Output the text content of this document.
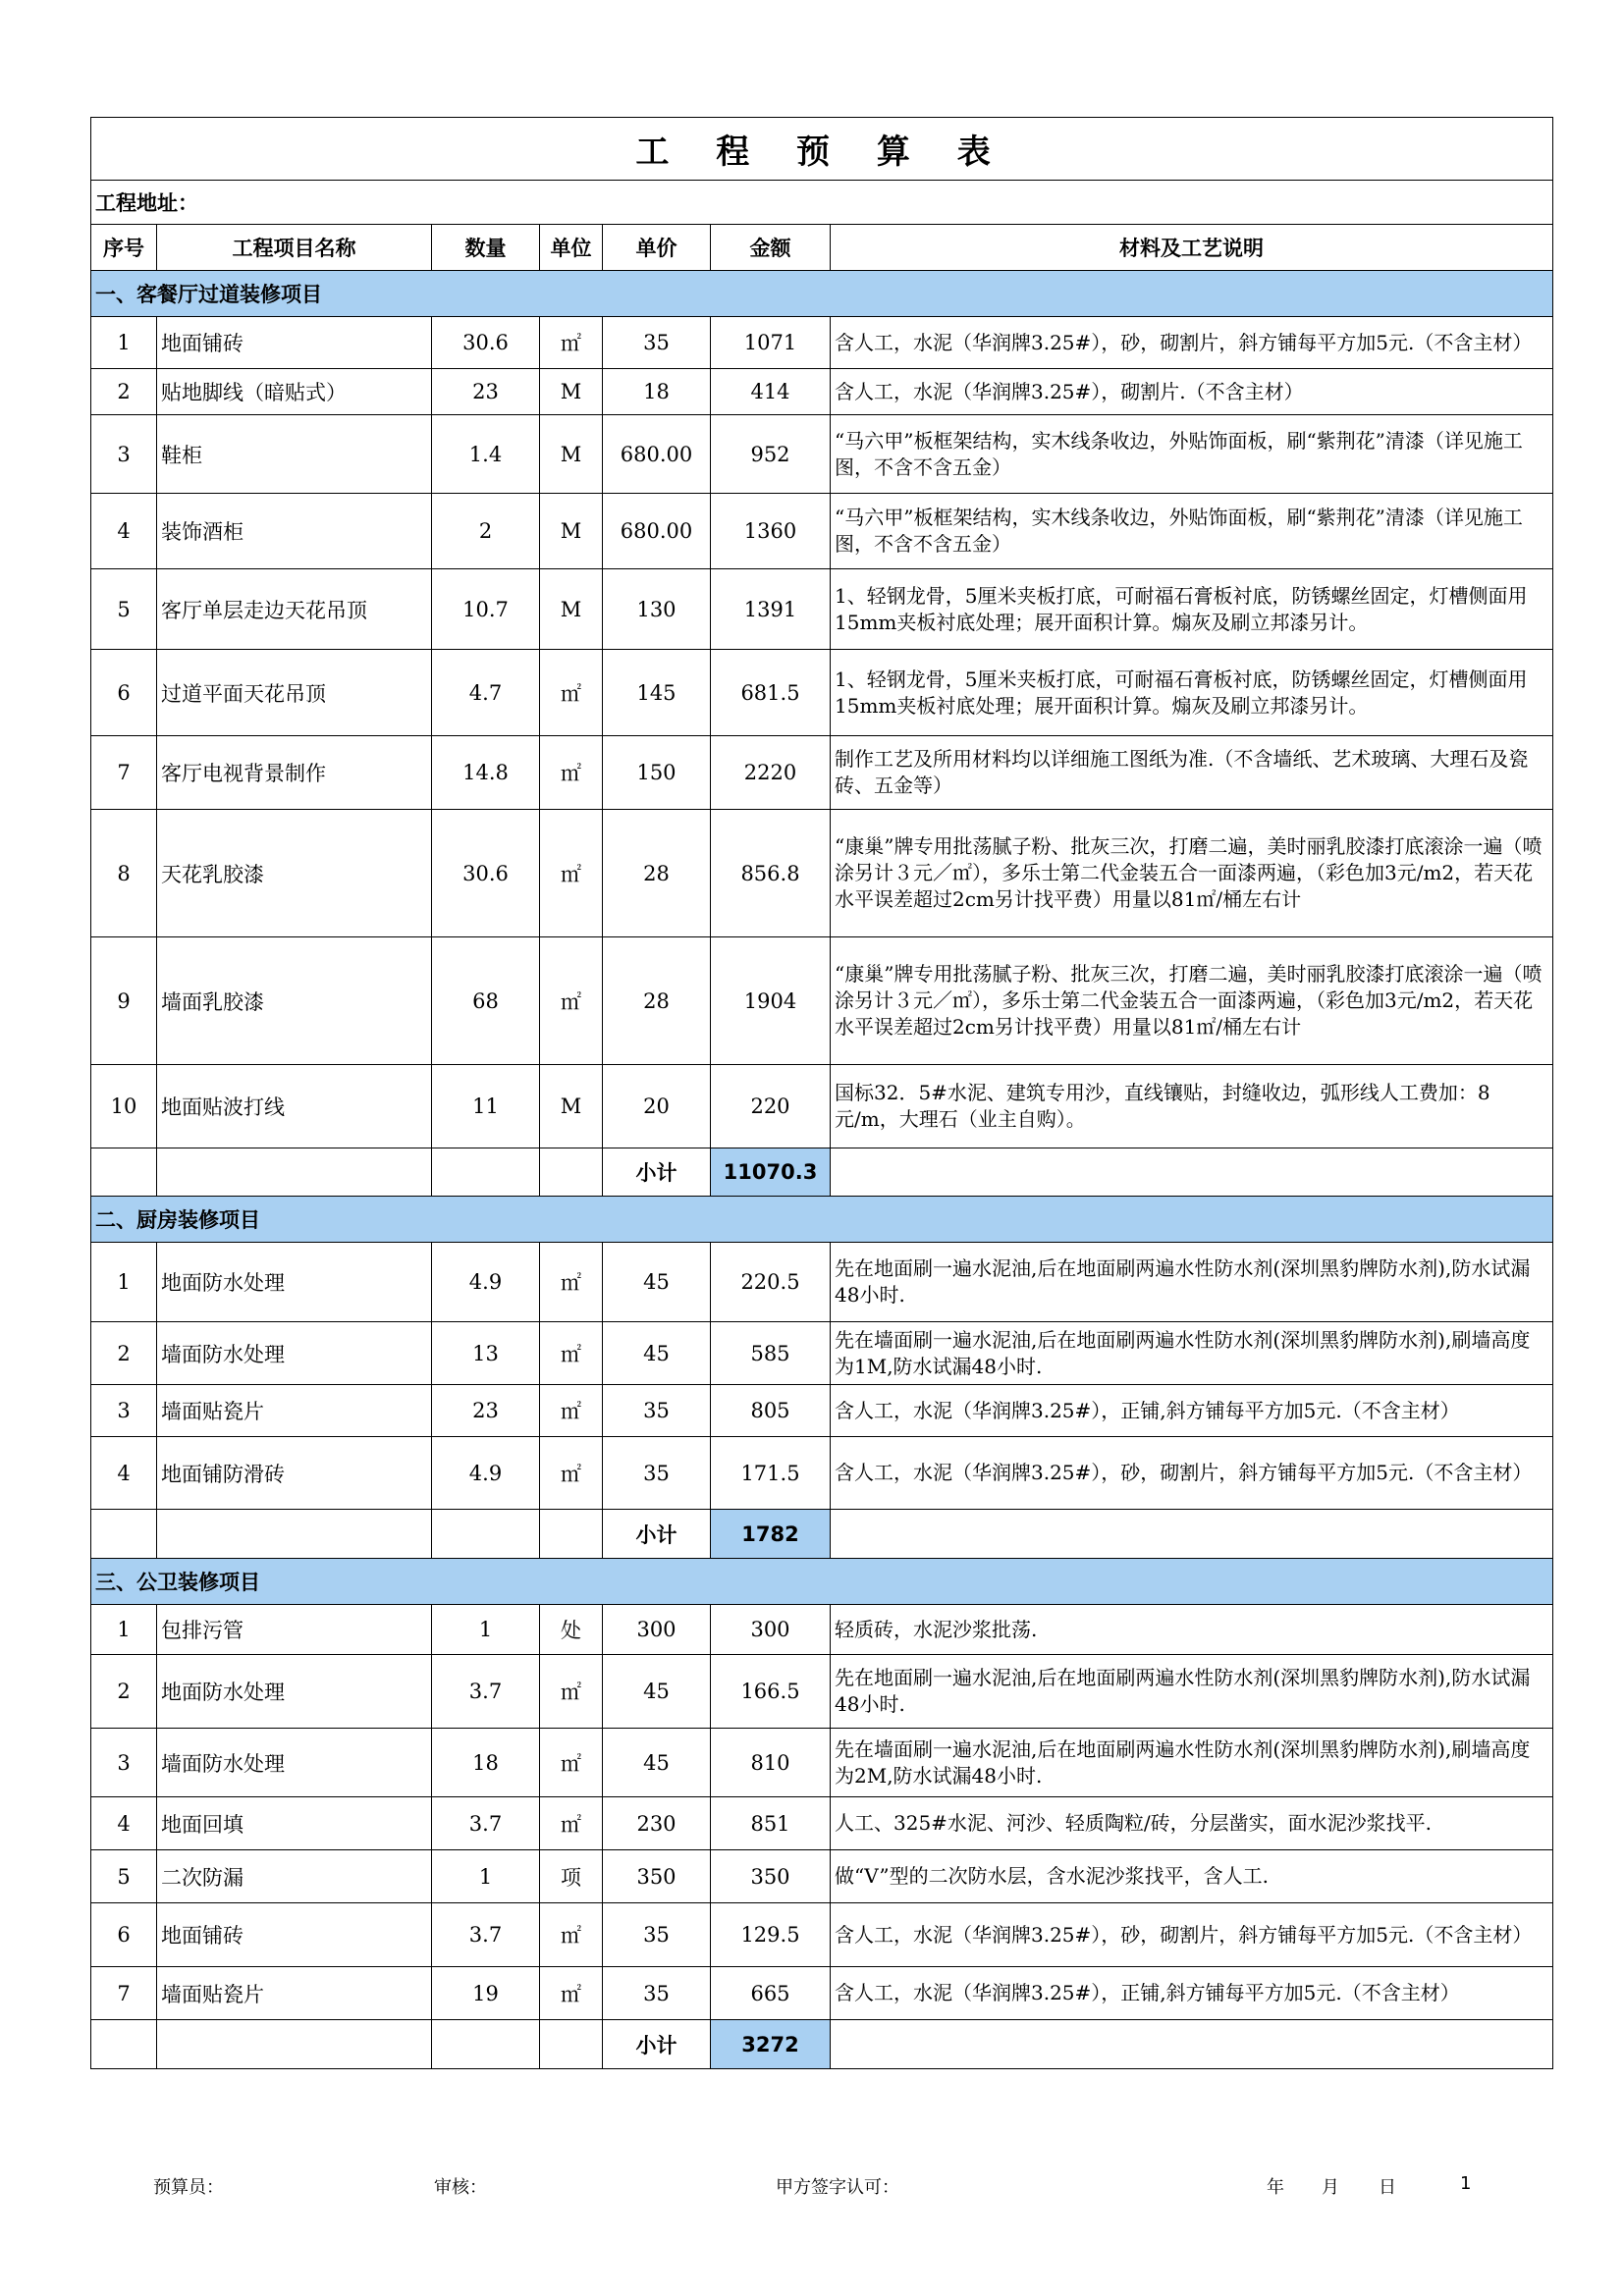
工 程 预 算 表						
工程地址：						
序号	工程项目名称	数量	单位	单价	金额	材料及工艺说明
一、客餐厅过道装修项目						
1	地面铺砖	30.6	㎡	35	1071	含人工，水泥（华润牌3.25#），砂，砌割片，斜方铺每平方加5元.（不含主材）
2	贴地脚线（暗贴式）	23	M	18	414	含人工，水泥（华润牌3.25#），砌割片.（不含主材）
3	鞋柜	1.4	M	680.00	952	“马六甲”板框架结构，实木线条收边，外贴饰面板，刷“紫荆花”清漆（详见施工图，不含不含五金）
4	装饰酒柜	2	M	680.00	1360	“马六甲”板框架结构，实木线条收边，外贴饰面板，刷“紫荆花”清漆（详见施工图，不含不含五金）
5	客厅单层走边天花吊顶	10.7	M	130	1391	1、轻钢龙骨，5厘米夹板打底，可耐福石膏板衬底，防锈螺丝固定，灯槽侧面用15mm夹板衬底处理；展开面积计算。煽灰及刷立邦漆另计。
6	过道平面天花吊顶	4.7	㎡	145	681.5	1、轻钢龙骨，5厘米夹板打底，可耐福石膏板衬底，防锈螺丝固定，灯槽侧面用15mm夹板衬底处理；展开面积计算。煽灰及刷立邦漆另计。
7	客厅电视背景制作	14.8	㎡	150	2220	制作工艺及所用材料均以详细施工图纸为准.（不含墙纸、艺术玻璃、大理石及瓷砖、五金等）
8	天花乳胶漆	30.6	㎡	28	856.8	“康巢”牌专用批荡腻子粉、批灰三次，打磨二遍，美时丽乳胶漆打底滚涂一遍（喷涂另计３元／㎡），多乐士第二代金装五合一面漆两遍，（彩色加3元/m2，若天花水平误差超过2cm另计找平费）用量以81㎡/桶左右计
9	墙面乳胶漆	68	㎡	28	1904	“康巢”牌专用批荡腻子粉、批灰三次，打磨二遍，美时丽乳胶漆打底滚涂一遍（喷涂另计３元／㎡），多乐士第二代金装五合一面漆两遍，（彩色加3元/m2，若天花水平误差超过2cm另计找平费）用量以81㎡/桶左右计
10	地面贴波打线	11	M	20	220	国标32．5#水泥、建筑专用沙，直线镶贴，封缝收边，弧形线人工费加：8元/m，大理石（业主自购）。
				小计	11070.3	
二、厨房装修项目						
1	地面防水处理	4.9	㎡	45	220.5	先在地面刷一遍水泥油,后在地面刷两遍水性防水剂(深圳黑豹牌防水剂),防水试漏48小时.
2	墙面防水处理	13	㎡	45	585	先在墙面刷一遍水泥油,后在地面刷两遍水性防水剂(深圳黑豹牌防水剂),刷墙高度为1M,防水试漏48小时.
3	墙面贴瓷片	23	㎡	35	805	含人工，水泥（华润牌3.25#），正铺,斜方铺每平方加5元.（不含主材）
4	地面铺防滑砖	4.9	㎡	35	171.5	含人工，水泥（华润牌3.25#），砂，砌割片，斜方铺每平方加5元.（不含主材）
				小计	1782	
三、公卫装修项目						
1	包排污管	1	处	300	300	轻质砖，水泥沙浆批荡.
2	地面防水处理	3.7	㎡	45	166.5	先在地面刷一遍水泥油,后在地面刷两遍水性防水剂(深圳黑豹牌防水剂),防水试漏48小时.
3	墙面防水处理	18	㎡	45	810	先在墙面刷一遍水泥油,后在地面刷两遍水性防水剂(深圳黑豹牌防水剂),刷墙高度为2M,防水试漏48小时.
4	地面回填	3.7	㎡	230	851	人工、325#水泥、河沙、轻质陶粒/砖，分层凿实，面水泥沙浆找平.
5	二次防漏	1	项	350	350	做“V”型的二次防水层，含水泥沙浆找平，含人工.
6	地面铺砖	3.7	㎡	35	129.5	含人工，水泥（华润牌3.25#），砂，砌割片，斜方铺每平方加5元.（不含主材）
7	墙面贴瓷片	19	㎡	35	665	含人工，水泥（华润牌3.25#），正铺,斜方铺每平方加5元.（不含主材）
				小计	3272	
预算员：	审核：	甲方签字认可：	年 月 日	1
